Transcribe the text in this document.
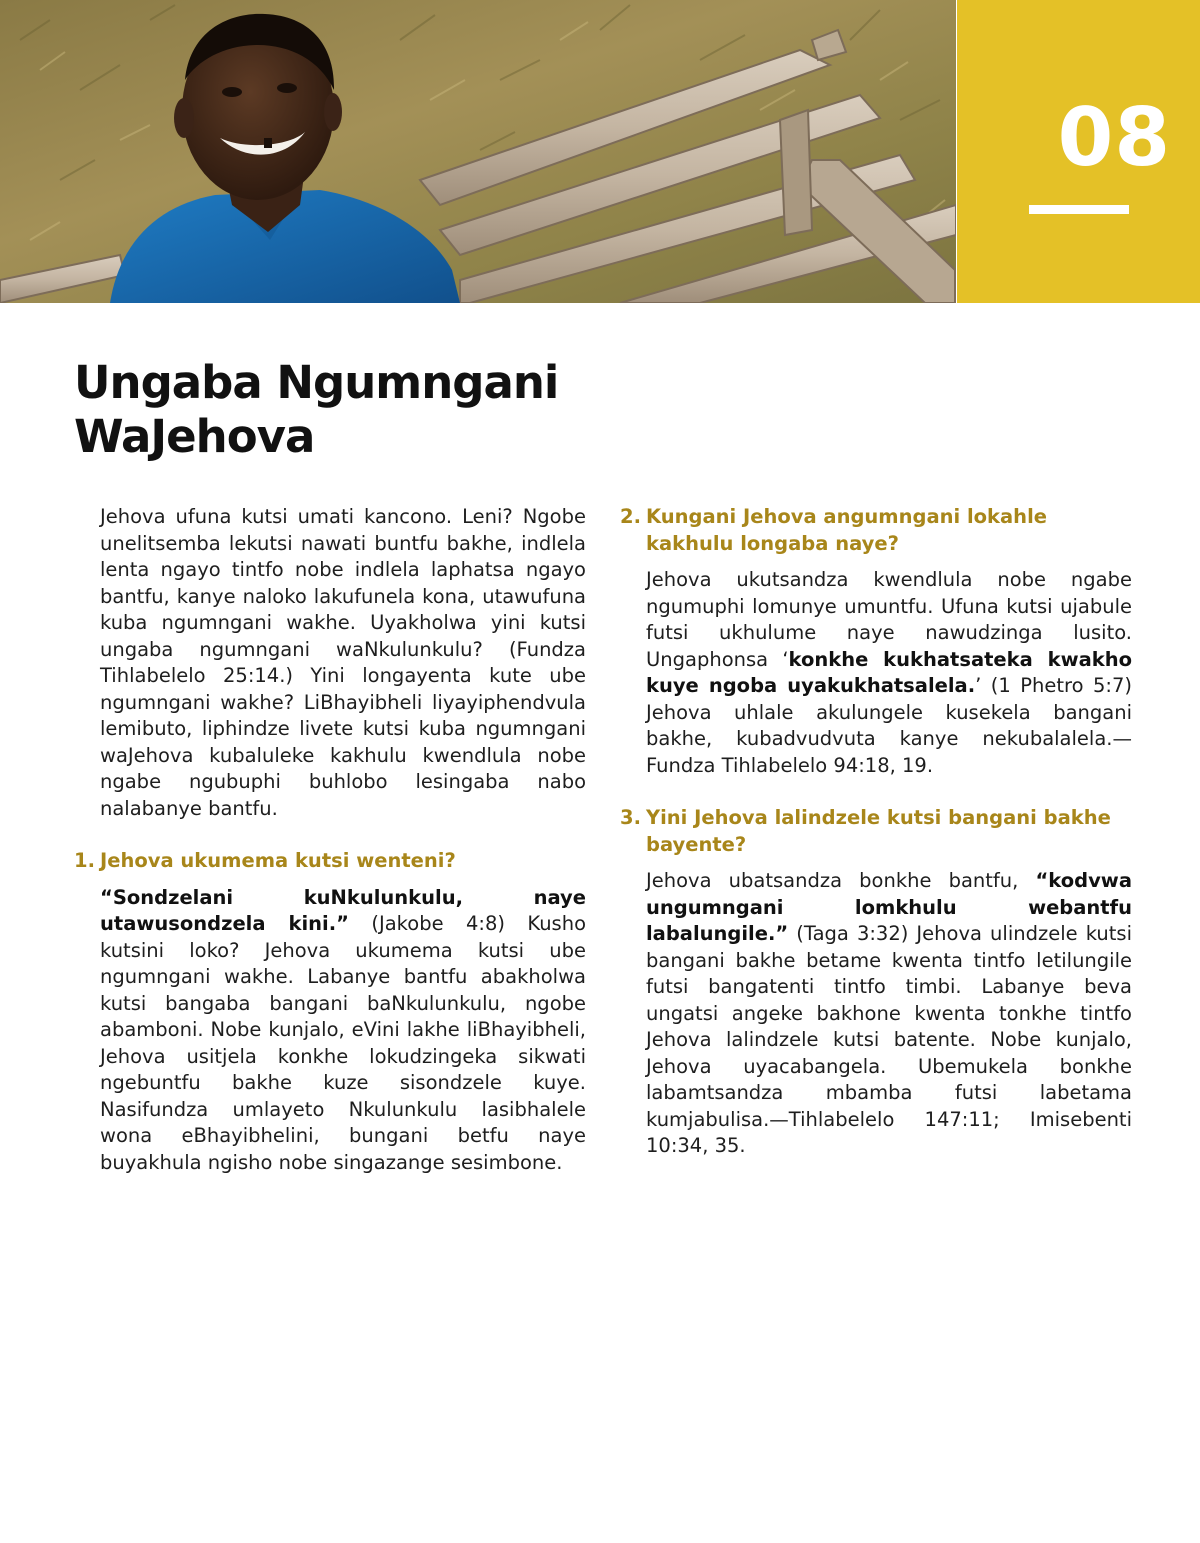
08
Ungaba Ngumngani WaJehova

Jehova ufuna kutsi umati kancono. Leni? Ngobe unelitsemba lekutsi nawati buntfu bakhe, indlela lenta ngayo tintfo nobe indlela laphatsa ngayo bantfu, kanye naloko lakufunela kona, utawufuna kuba ngumngani wakhe. Uyakholwa yini kutsi ungaba ngumngani waNkulunkulu? (Fundza Tihlabelelo 25:14.) Yini longayenta kute ube ngumngani wakhe? LiBhayibheli liyayiphendvula lemibuto, liphindze livete kutsi kuba ngumngani waJehova kubaluleke kakhulu kwendlula nobe ngabe ngubuphi buhlobo lesingaba nabo nalabanye bantfu.

1. Jehova ukumema kutsi wenteni?

“Sondzelani kuNkulunkulu, naye utawusondzela kini.” (Jakobe 4:8) Kusho kutsini loko? Jehova ukumema kutsi ube ngumngani wakhe. Labanye bantfu abakholwa kutsi bangaba bangani baNkulunkulu, ngobe abamboni. Nobe kunjalo, eVini lakhe liBhayibheli, Jehova usitjela konkhe lokudzingeka sikwati ngebuntfu bakhe kuze sisondzele kuye. Nasifundza umlayeto Nkulunkulu lasibhalele wona eBhayibhelini, bungani betfu naye buyakhula ngisho nobe singazange sesimbone.

2. Kungani Jehova angumngani lokahle kakhulu longaba naye?

Jehova ukutsandza kwendlula nobe ngabe ngumuphi lomunye umuntfu. Ufuna kutsi ujabule futsi ukhulume naye nawudzinga lusito. Ungaphonsa ‘konkhe kukhatsateka kwakho kuye ngoba uyakukhatsalela.’ (1 Phetro 5:7) Jehova uhlale akulungele kusekela bangani bakhe, kubadvudvuta kanye nekubalalela.—Fundza Tihlabelelo 94:18, 19.

3. Yini Jehova lalindzele kutsi bangani bakhe bayente?

Jehova ubatsandza bonkhe bantfu, “kodvwa ungumngani lomkhulu webantfu labalungile.” (Taga 3:32) Jehova ulindzele kutsi bangani bakhe betame kwenta tintfo letilungile futsi bangatenti tintfo timbi. Labanye beva ungatsi angeke bakhone kwenta tonkhe tintfo Jehova lalindzele kutsi batente. Nobe kunjalo, Jehova uyacabangela. Ubemukela bonkhe labamtsandza mbamba futsi labetama kumjabulisa.—Tihlabelelo 147:11; Imisebenti 10:34, 35.
